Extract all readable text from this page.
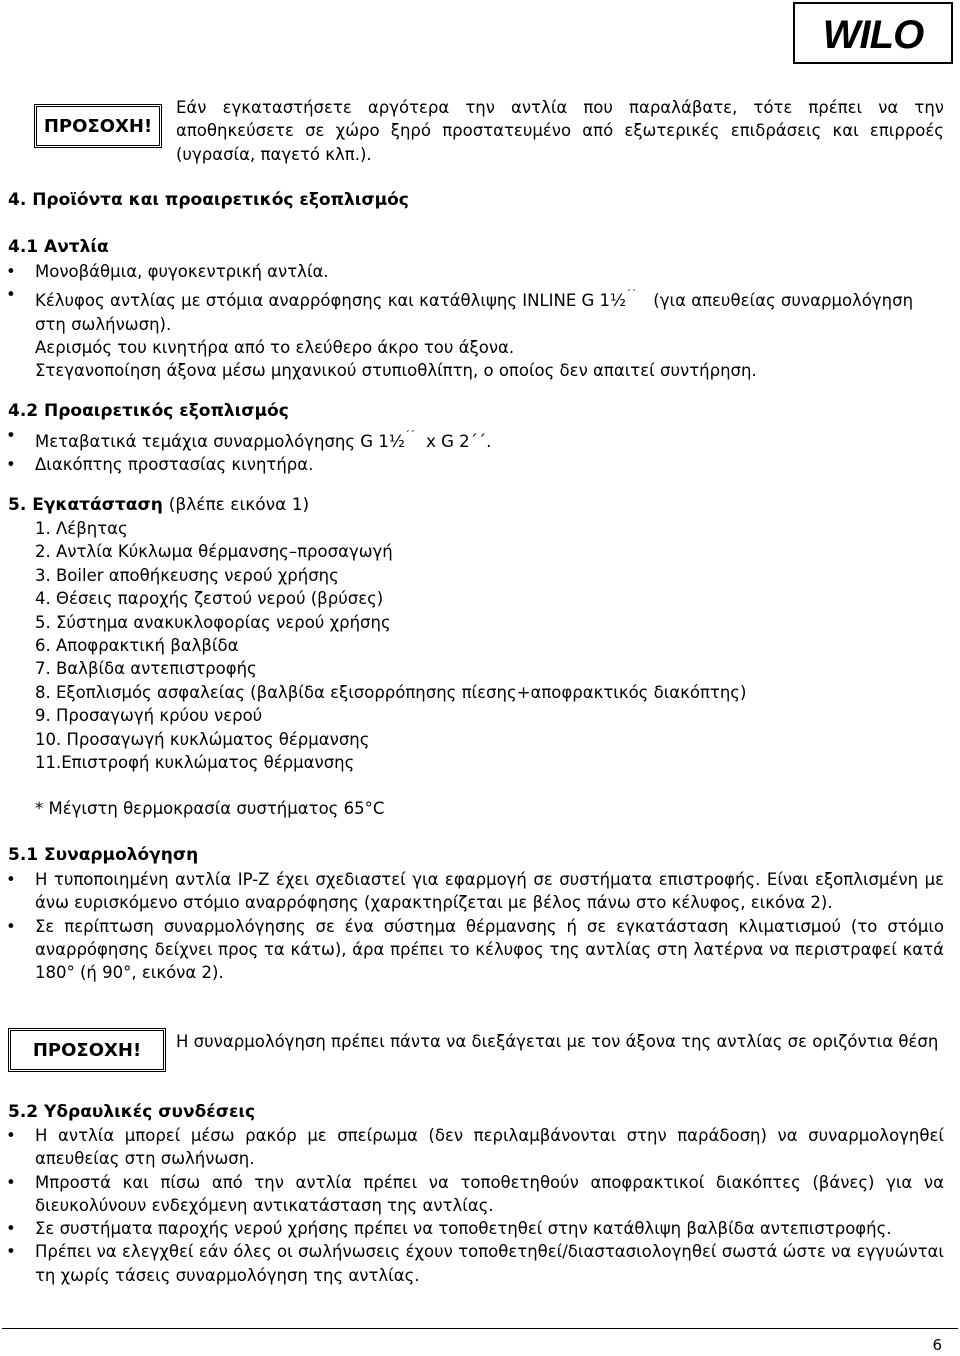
WILO
ΠΡΟΣΟΧΗ!
Εάν εγκαταστήσετε αργότερα την αντλία που παραλάβατε, τότε πρέπει να την αποθηκεύσετε σε χώρο ξηρό προστατευμένο από εξωτερικές επιδράσεις και επιρροές (υγρασία, παγετό κλπ.).
4. Προϊόντα και προαιρετικός εξοπλισμός
4.1 Αντλία
• Μονοβάθμια, φυγοκεντρική αντλία.
• Κέλυφος αντλίας με στόμια αναρρόφησης και κατάθλιψης INLINE G 1½΄΄ (για απευθείας συναρμολόγηση στη σωλήνωση).
Αερισμός του κινητήρα από το ελεύθερο άκρο του άξονα.
Στεγανοποίηση άξονα μέσω μηχανικού στυπιοθλίπτη, ο οποίος δεν απαιτεί συντήρηση.
4.2 Προαιρετικός εξοπλισμός
• Μεταβατικά τεμάχια συναρμολόγησης G 1½΄΄ x G 2΄΄.
• Διακόπτης προστασίας κινητήρα.
5. Εγκατάσταση (βλέπε εικόνα 1)
1. Λέβητας
2. Αντλία Κύκλωμα θέρμανσης–προσαγωγή
3. Boiler αποθήκευσης νερού χρήσης
4. Θέσεις παροχής ζεστού νερού (βρύσες)
5. Σύστημα ανακυκλοφορίας νερού χρήσης
6. Αποφρακτική βαλβίδα
7. Βαλβίδα αντεπιστροφής
8. Εξοπλισμός ασφαλείας (βαλβίδα εξισορρόπησης πίεσης+αποφρακτικός διακόπτης)
9. Προσαγωγή κρύου νερού
10. Προσαγωγή κυκλώματος θέρμανσης
11.Επιστροφή κυκλώματος θέρμανσης
* Μέγιστη θερμοκρασία συστήματος 65°C
5.1 Συναρμολόγηση
• Η τυποποιημένη αντλία IP-Z έχει σχεδιαστεί για εφαρμογή σε συστήματα επιστροφής. Είναι εξοπλισμένη με άνω ευρισκόμενο στόμιο αναρρόφησης (χαρακτηρίζεται με βέλος πάνω στο κέλυφος, εικόνα 2).
• Σε περίπτωση συναρμολόγησης σε ένα σύστημα θέρμανσης ή σε εγκατάσταση κλιματισμού (το στόμιο αναρρόφησης δείχνει προς τα κάτω), άρα πρέπει το κέλυφος της αντλίας στη λατέρνα να περιστραφεί κατά 180° (ή 90°, εικόνα 2).
ΠΡΟΣΟΧΗ!	Η συναρμολόγηση πρέπει πάντα να διεξάγεται με τον άξονα της αντλίας σε οριζόντια θέση
5.2 Υδραυλικές συνδέσεις
• Η αντλία μπορεί μέσω ρακόρ με σπείρωμα (δεν περιλαμβάνονται στην παράδοση) να συναρμολογηθεί απευθείας στη σωλήνωση.
• Μπροστά και πίσω από την αντλία πρέπει να τοποθετηθούν αποφρακτικοί διακόπτες (βάνες) για να διευκολύνουν ενδεχόμενη αντικατάσταση της αντλίας.
• Σε συστήματα παροχής νερού χρήσης πρέπει να τοποθετηθεί στην κατάθλιψη βαλβίδα αντεπιστροφής.
• Πρέπει να ελεγχθεί εάν όλες οι σωλήνωσεις έχουν τοποθετηθεί/διαστασιολογηθεί σωστά ώστε να εγγυώνται τη χωρίς τάσεις συναρμολόγηση της αντλίας.
6
